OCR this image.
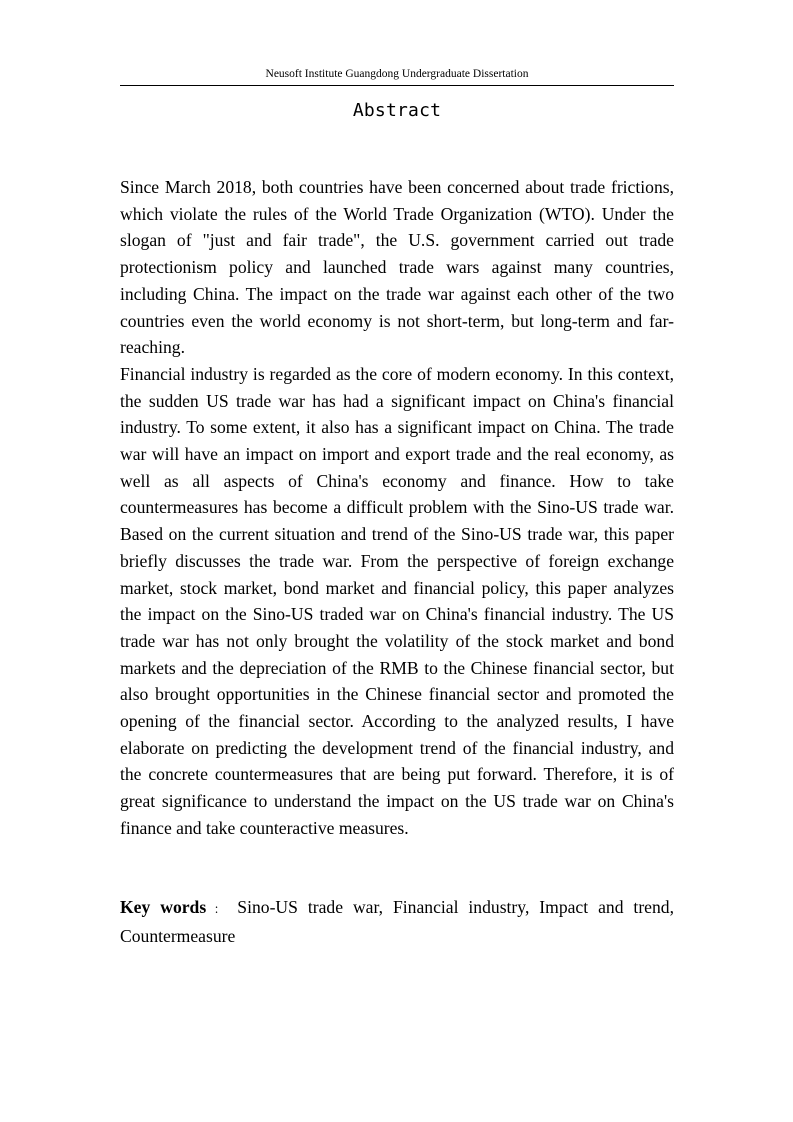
Neusoft Institute Guangdong Undergraduate Dissertation
Abstract

Since March 2018, both countries have been concerned about trade frictions, which violate the rules of the World Trade Organization (WTO). Under the slogan of "just and fair trade", the U.S. government carried out trade protectionism policy and launched trade wars against many countries, including China. The impact on the trade war against each other of the two countries even the world economy is not short-term, but long-term and far-reaching.

Financial industry is regarded as the core of modern economy. In this context, the sudden US trade war has had a significant impact on China's financial industry. To some extent, it also has a significant impact on China. The trade war will have an impact on import and export trade and the real economy, as well as all aspects of China's economy and finance. How to take countermeasures has become a difficult problem with the Sino-US trade war. Based on the current situation and trend of the Sino-US trade war, this paper briefly discusses the trade war. From the perspective of foreign exchange market, stock market, bond market and financial policy, this paper analyzes the impact on the Sino-US traded war on China's financial industry. The US trade war has not only brought the volatility of the stock market and bond markets and the depreciation of the RMB to the Chinese financial sector, but also brought opportunities in the Chinese financial sector and promoted the opening of the financial sector. According to the analyzed results, I have elaborate on predicting the development trend of the financial industry, and the concrete countermeasures that are being put forward. Therefore, it is of great significance to understand the impact on the US trade war on China's finance and take counteractive measures.

Key words ： Sino-US trade war, Financial industry, Impact and trend, Countermeasure
